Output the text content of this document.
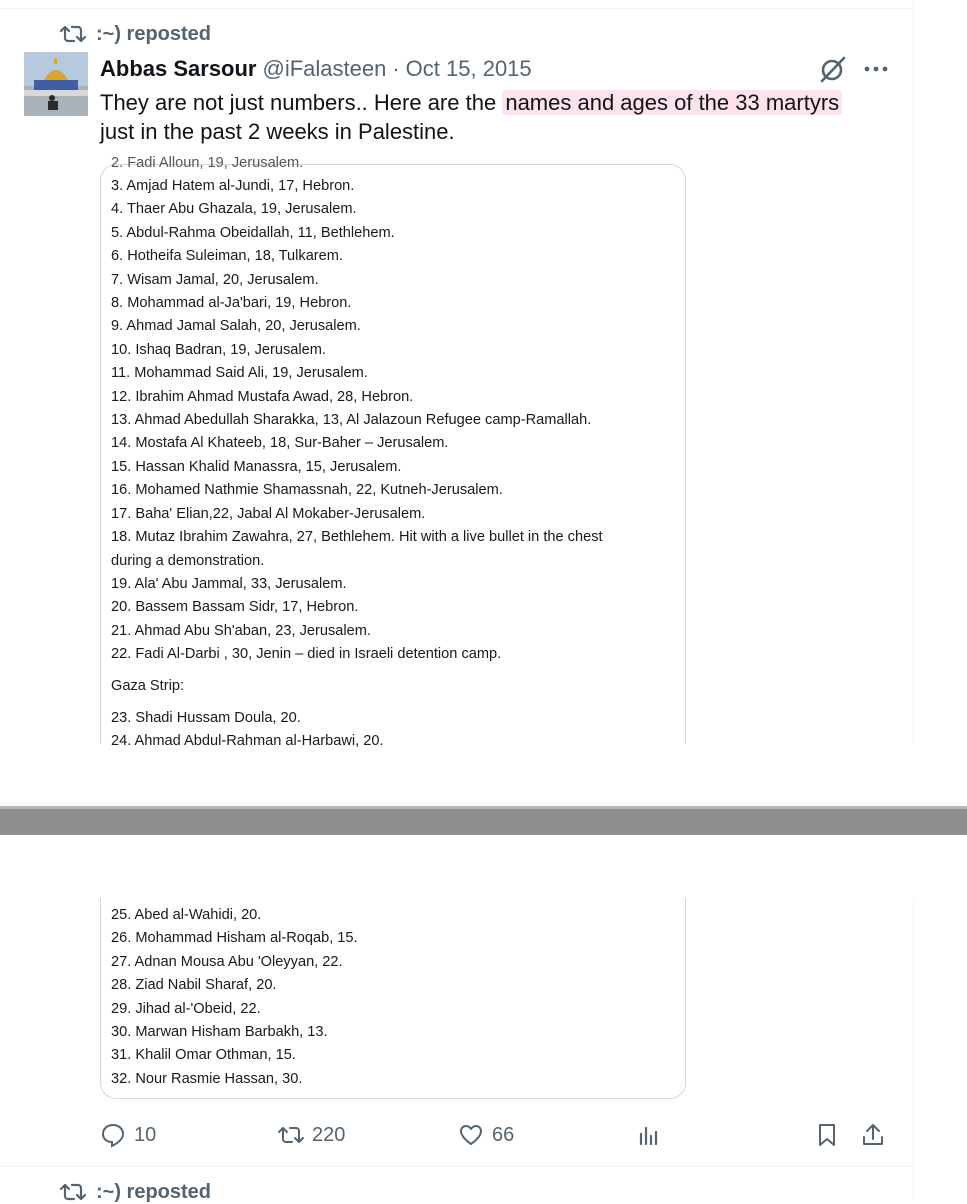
:~) reposted
Abbas Sarsour @iFalasteen · Oct 15, 2015
They are not just numbers.. Here are the names and ages of the 33 martyrs
just in the past 2 weeks in Palestine.
2. Fadi Alloun, 19, Jerusalem.
3. Amjad Hatem al-Jundi, 17, Hebron.
4. Thaer Abu Ghazala, 19, Jerusalem.
5. Abdul-Rahma Obeidallah, 11, Bethlehem.
6. Hotheifa Suleiman, 18, Tulkarem.
7. Wisam Jamal, 20, Jerusalem.
8. Mohammad al-Ja'bari, 19, Hebron.
9. Ahmad Jamal Salah, 20, Jerusalem.
10. Ishaq Badran, 19, Jerusalem.
11. Mohammad Said Ali, 19, Jerusalem.
12. Ibrahim Ahmad Mustafa Awad, 28, Hebron.
13. Ahmad Abedullah Sharakka, 13, Al Jalazoun Refugee camp-Ramallah.
14. Mostafa Al Khateeb, 18, Sur-Baher – Jerusalem.
15. Hassan Khalid Manassra, 15, Jerusalem.
16. Mohamed Nathmie Shamassnah, 22, Kutneh-Jerusalem.
17. Baha' Elian,22, Jabal Al Mokaber-Jerusalem.
18. Mutaz Ibrahim Zawahra, 27, Bethlehem. Hit with a live bullet in the chest
during a demonstration.
19. Ala' Abu Jammal, 33, Jerusalem.
20. Bassem Bassam Sidr, 17, Hebron.
21. Ahmad Abu Sh'aban, 23, Jerusalem.
22. Fadi Al-Darbi , 30, Jenin – died in Israeli detention camp.
Gaza Strip:
23. Shadi Hussam Doula, 20.
24. Ahmad Abdul-Rahman al-Harbawi, 20.
25. Abed al-Wahidi, 20.
26. Mohammad Hisham al-Roqab, 15.
27. Adnan Mousa Abu 'Oleyyan, 22.
28. Ziad Nabil Sharaf, 20.
29. Jihad al-'Obeid, 22.
30. Marwan Hisham Barbakh, 13.
31. Khalil Omar Othman, 15.
32. Nour Rasmie Hassan, 30.
10	220	66
:~) reposted
